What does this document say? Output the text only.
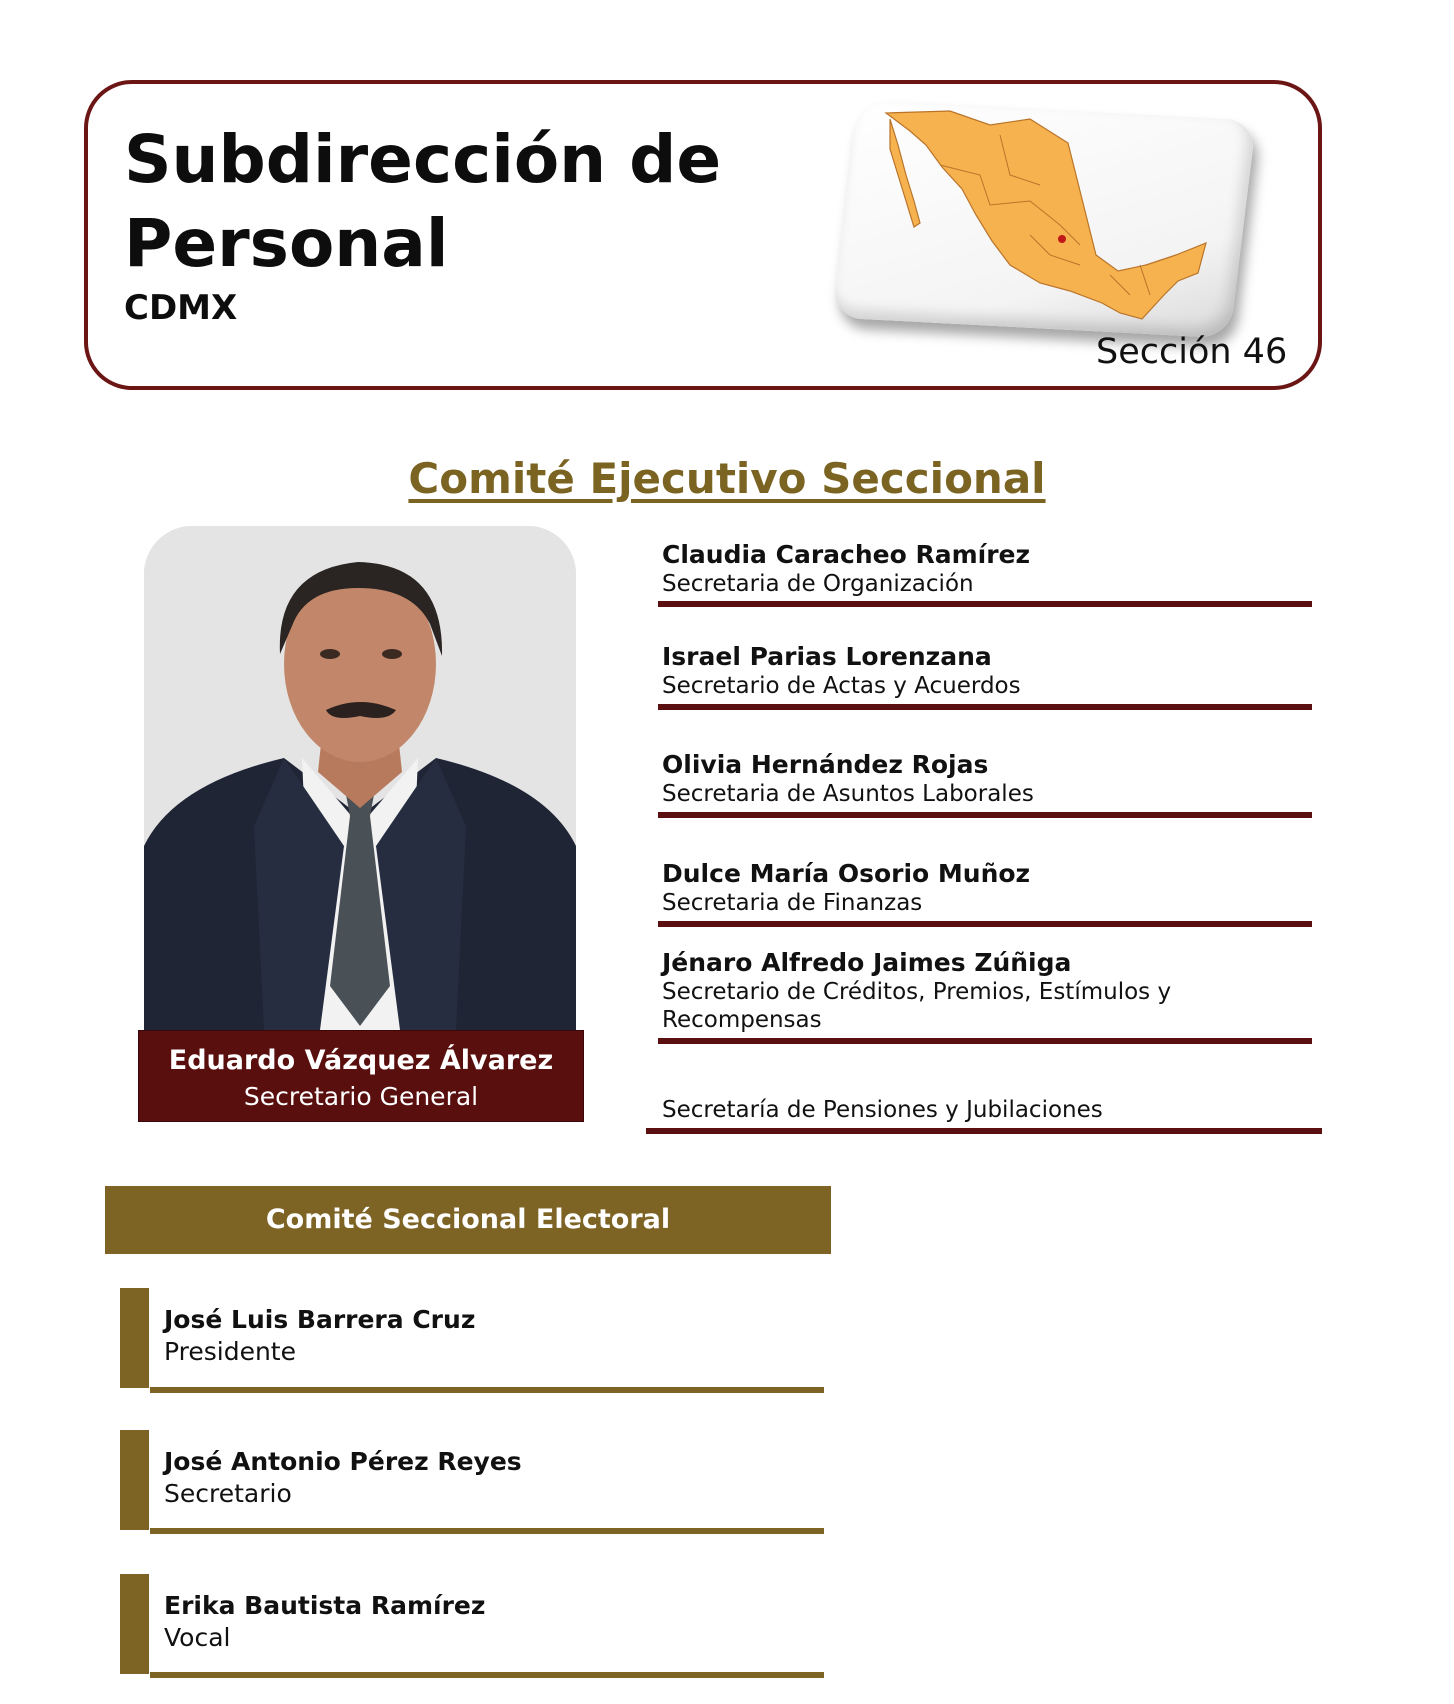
Subdirección de Personal
CDMX
Sección 46
Comité Ejecutivo Seccional
Eduardo Vázquez Álvarez
Secretario General
Claudia Caracheo Ramírez
Secretaria de Organización
Israel Parias Lorenzana
Secretario de Actas y Acuerdos
Olivia Hernández Rojas
Secretaria de Asuntos Laborales
Dulce María Osorio Muñoz
Secretaria de Finanzas
Jénaro Alfredo Jaimes Zúñiga
Secretario de Créditos, Premios, Estímulos y Recompensas
Secretaría de Pensiones y Jubilaciones
Comité Seccional Electoral
José Luis Barrera Cruz
Presidente
José Antonio Pérez Reyes
Secretario
Erika Bautista Ramírez
Vocal
